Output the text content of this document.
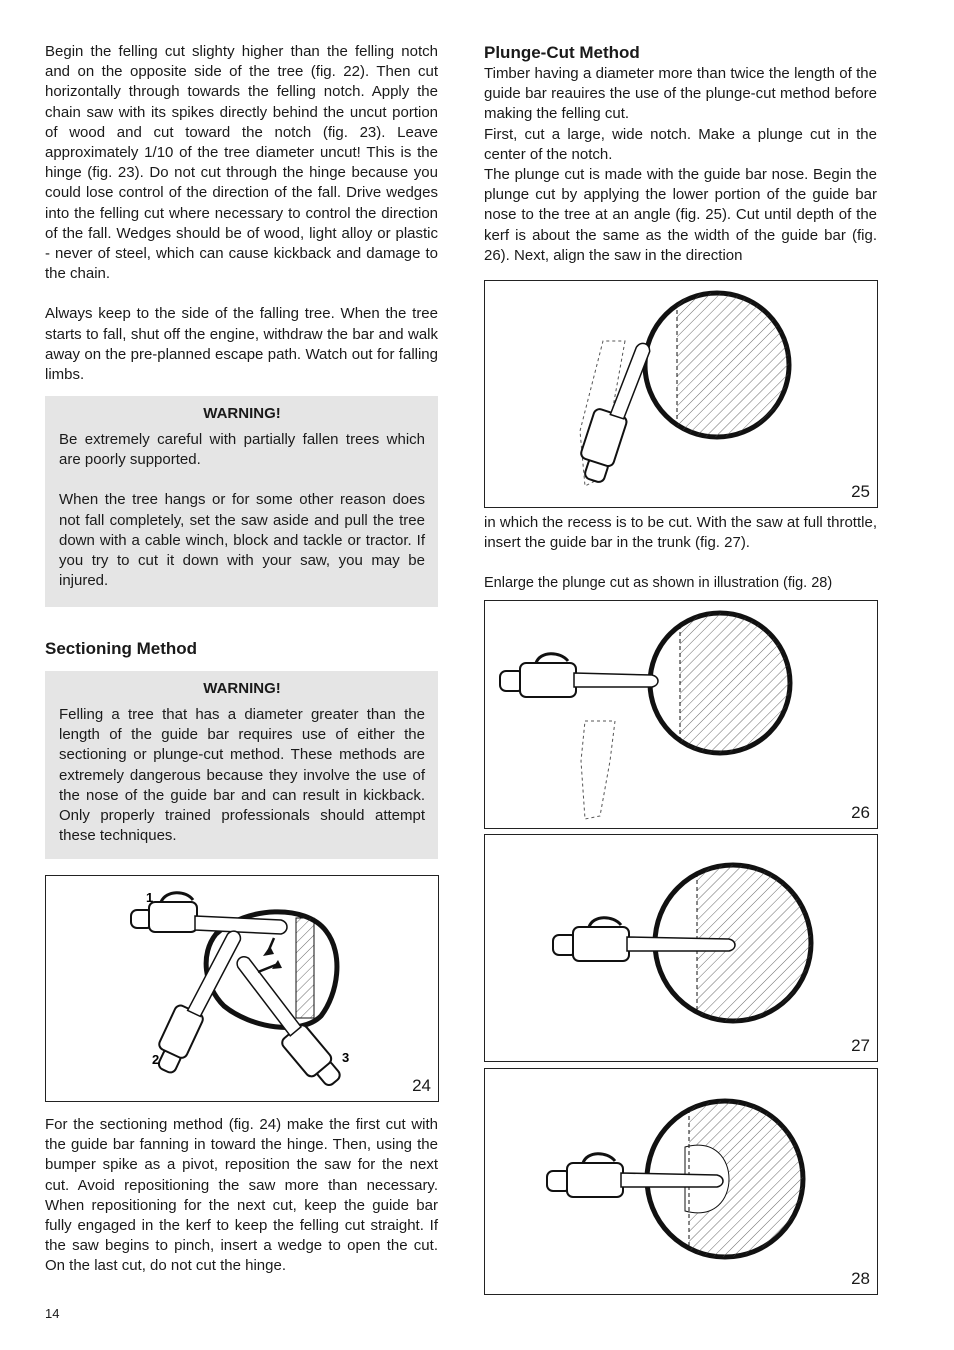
Begin the felling cut slighty higher than the felling notch and on the opposite side of the tree (fig. 22). Then cut horizontally through towards the felling notch. Apply the chain saw with its spikes directly behind the uncut portion of wood and cut toward the notch (fig. 23). Leave approximately 1/10 of the tree diameter uncut! This is the hinge (fig. 23). Do not cut through the hinge because you could lose control of the direction of the fall. Drive wedges into the felling cut where necessary to control the direction of the fall. Wedges should be of wood, light alloy or plastic - never of steel, which can cause kickback and damage to the chain.

Always keep to the side of the falling tree. When the tree starts to fall, shut off the engine, withdraw the bar and walk away on the pre-planned escape path. Watch out for falling limbs.

WARNING!

Be extremely careful with partially fallen trees which are poorly supported.

When the tree hangs or for some other reason does not fall completely, set the saw aside and pull the tree down with a cable winch, block and tackle or tractor. If you try to cut it down with your saw, you may be injured.

Sectioning Method
WARNING!

Felling a tree that has a diameter greater than the length of the guide bar requires use of either the sectioning or plunge-cut method. These methods are extremely dangerous because they involve the use of the nose of the guide bar and can result in kickback. Only properly trained professionals should attempt these techniques.

1
2	3
24

For the sectioning method (fig. 24) make the first cut with the guide bar fanning in toward the hinge. Then, using the bumper spike as a pivot, reposition the saw for the next cut. Avoid repositioning the saw more than necessary. When repositioning for the next cut, keep the guide bar fully engaged in the kerf to keep the felling cut straight. If the saw begins to pinch, insert a wedge to open the cut. On the last cut, do not cut the hinge.

14
Plunge-Cut Method

Timber having a diameter more than twice the length of the guide bar reauires the use of the plunge-cut method before making the felling cut.

First, cut a large, wide notch. Make a plunge cut in the center of the notch.

The plunge cut is made with the guide bar nose. Begin the plunge cut by applying the lower portion of the guide bar nose to the tree at an angle (fig. 25). Cut until depth of the kerf is about the same as the width of the guide bar (fig. 26). Next, align the saw in the direction

25

in which the recess is to be cut. With the saw at full throttle, insert the guide bar in the trunk (fig. 27).

Enlarge the plunge cut as shown in illustration (fig. 28)

26
27
28
